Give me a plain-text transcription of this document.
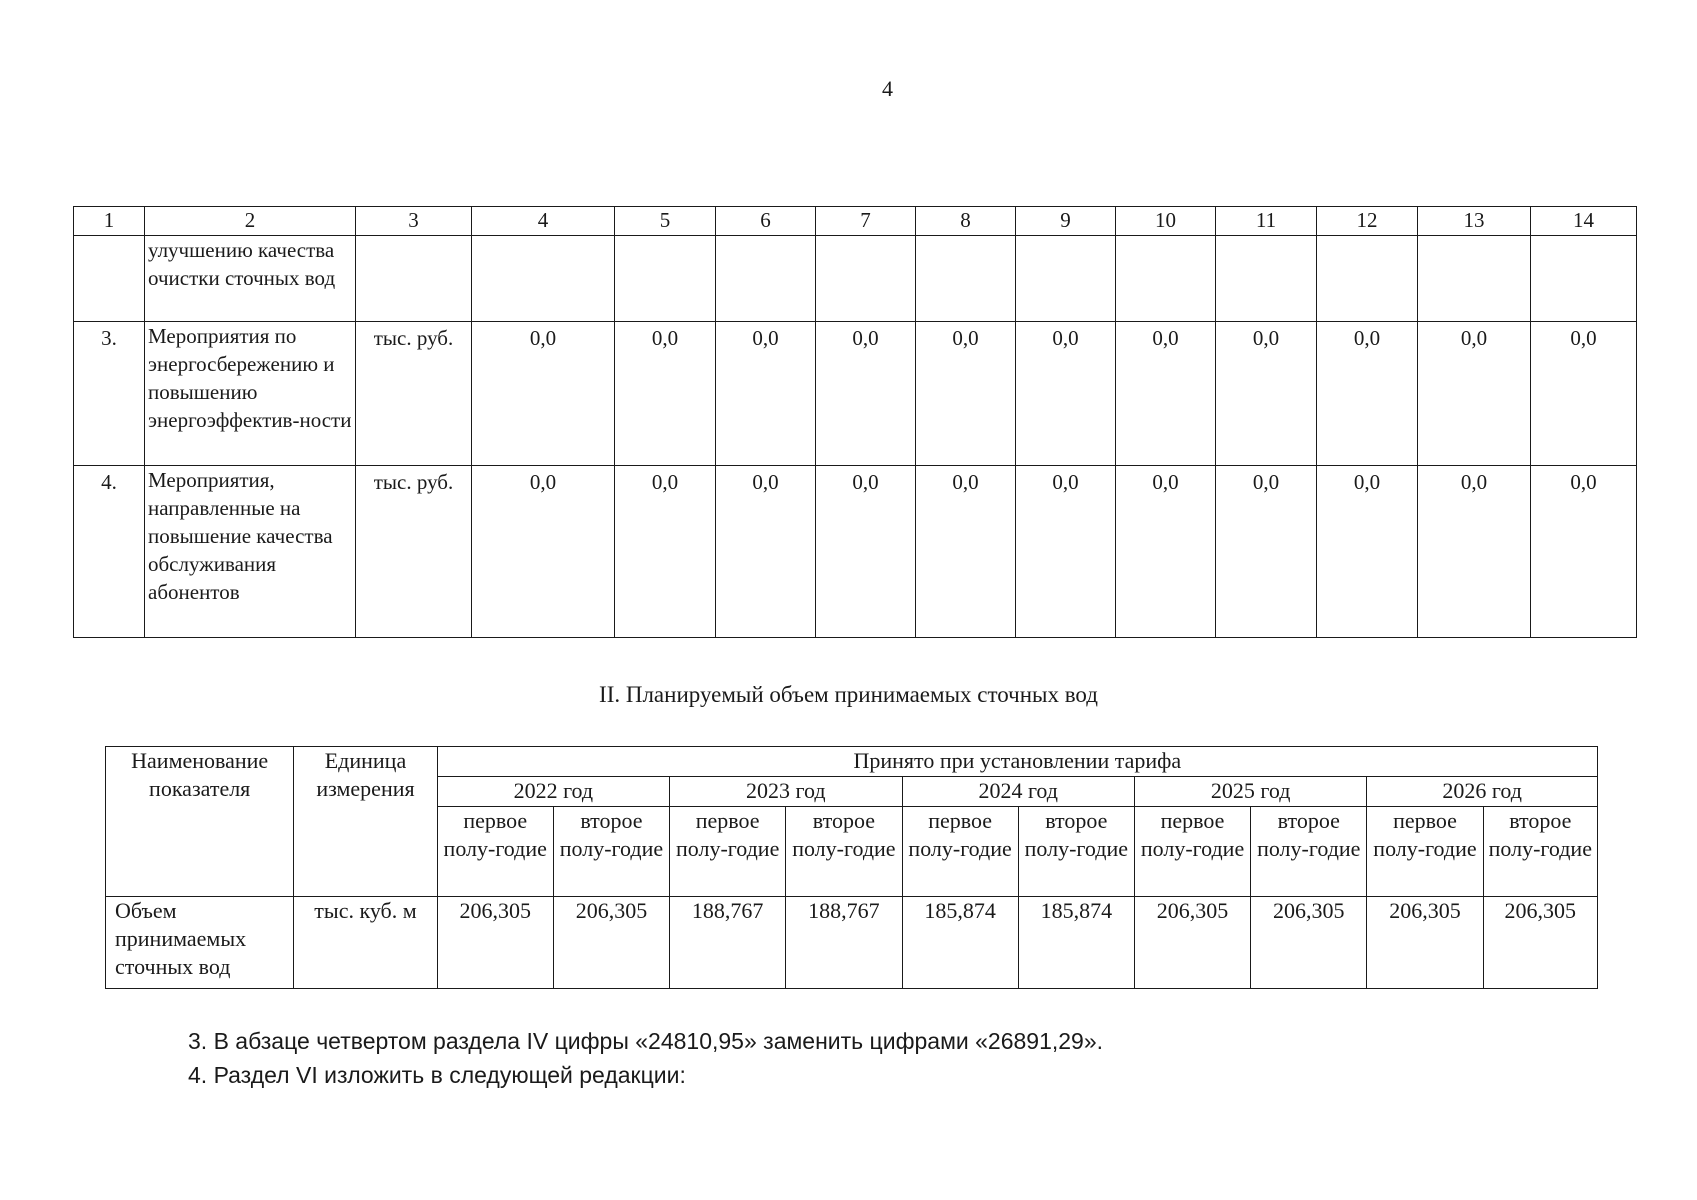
4
1	2	3	4	5	6	7	8	9	10	11	12	13	14
	улучшению качества очистки сточных вод												
3.	Мероприятия по энергосбережению и повышению энергоэффектив-ности	тыс. руб.	0,0	0,0	0,0	0,0	0,0	0,0	0,0	0,0	0,0	0,0	0,0
4.	Мероприятия, направленные на повышение качества обслуживания абонентов	тыс. руб.	0,0	0,0	0,0	0,0	0,0	0,0	0,0	0,0	0,0	0,0	0,0
II. Планируемый объем принимаемых сточных вод
Наименование показателя	Единица измерения	Принято при установлении тарифа									
		2022 год		2023 год		2024 год		2025 год		2026 год	
		первое полу-годие	второе полу-годие	первое полу-годие	второе полу-годие	первое полу-годие	второе полу-годие	первое полу-годие	второе полу-годие	первое полу-годие	второе полу-годие
Объем принимаемых сточных вод	тыс. куб. м	206,305	206,305	188,767	188,767	185,874	185,874	206,305	206,305	206,305	206,305
3. В абзаце четвертом раздела IV цифры «24810,95» заменить цифрами «26891,29».
4. Раздел VI изложить в следующей редакции:
